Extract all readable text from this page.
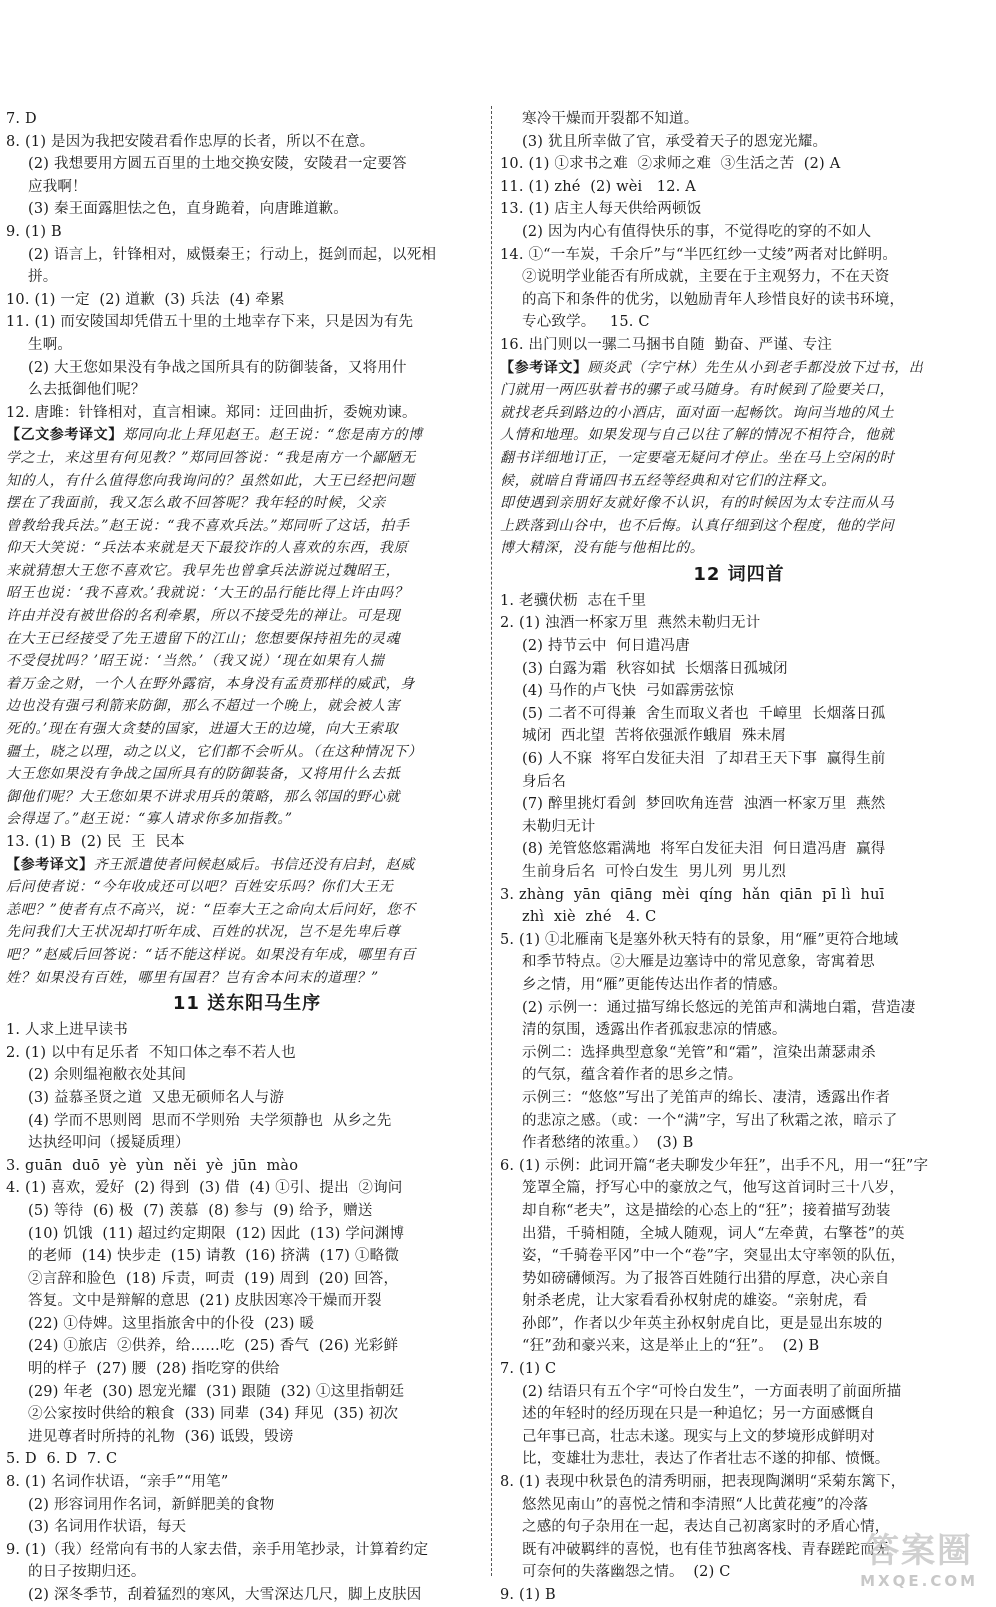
7. D
8. (1) 是因为我把安陵君看作忠厚的长者，所以不在意。
(2) 我想要用方圆五百里的土地交换安陵，安陵君一定要答
应我啊！
(3) 秦王面露胆怯之色，直身跪着，向唐雎道歉。
9. (1) B
(2) 语言上，针锋相对，威慑秦王；行动上，挺剑而起，以死相
拼。
10. (1) 一定  (2) 道歉  (3) 兵法  (4) 牵累
11. (1) 而安陵国却凭借五十里的土地幸存下来，只是因为有先
生啊。
(2) 大王您如果没有争战之国所具有的防御装备，又将用什
么去抵御他们呢？
12. 唐雎：针锋相对，直言相谏。郑同：迂回曲折，委婉劝谏。
【乙文参考译文】郑同向北上拜见赵王。赵王说：“您是南方的博
学之士，来这里有何见教？”郑同回答说：“我是南方一个鄙陋无
知的人，有什么值得您向我询问的？虽然如此，大王已经把问题
摆在了我面前，我又怎么敢不回答呢？我年轻的时候，父亲
曾教给我兵法。”赵王说：“我不喜欢兵法。”郑同听了这话，拍手
仰天大笑说：“兵法本来就是天下最狡诈的人喜欢的东西，我原
来就猜想大王您不喜欢它。我早先也曾拿兵法游说过魏昭王，
昭王也说：‘我不喜欢。’我就说：‘大王的品行能比得上许由吗？
许由并没有被世俗的名利牵累，所以不接受先的禅让。可是现
在大王已经接受了先王遗留下的江山；您想要保持祖先的灵魂
不受侵扰吗？’昭王说：‘当然。’（我又说）‘现在如果有人揣
着万金之财，一个人在野外露宿，本身没有孟贲那样的威武，身
边也没有强弓利箭来防御，那么不超过一个晚上，就会被人害
死的。’现在有强大贪婪的国家，进逼大王的边境，向大王索取
疆土，晓之以理，动之以义，它们都不会听从。（在这种情况下）
大王您如果没有争战之国所具有的防御装备，又将用什么去抵
御他们呢？大王您如果不讲求用兵的策略，那么邻国的野心就
会得逞了。”赵王说：“寡人请求你多加指教。”
13. (1) B  (2) 民  王  民本
【参考译文】齐王派遣使者问候赵威后。书信还没有启封，赵威
后问使者说：“今年收成还可以吧？百姓安乐吗？你们大王无
恙吧？”使者有点不高兴，说：“臣奉大王之命向太后问好，您不
先问我们大王状况却打听年成、百姓的状况，岂不是先卑后尊
吧？”赵威后回答说：“话不能这样说。如果没有年成，哪里有百
姓？如果没有百姓，哪里有国君？岂有舍本问末的道理？”
11 送东阳马生序
1. 人求上进早读书
2. (1) 以中有足乐者  不知口体之奉不若人也
(2) 余则缊袍敝衣处其间
(3) 益慕圣贤之道  又患无硕师名人与游
(4) 学而不思则罔  思而不学则殆  夫学须静也  从乡之先
达执经叩问（援疑质理）
3. guān  duō  yè  yùn  něi  yè  jūn  mào
4. (1) 喜欢，爱好  (2) 得到  (3) 借  (4) ①引、提出  ②询问
(5) 等待  (6) 极  (7) 羡慕  (8) 参与  (9) 给予，赠送
(10) 饥饿  (11) 超过约定期限  (12) 因此  (13) 学问渊博
的老师  (14) 快步走  (15) 请教  (16) 挤满  (17) ①略微
②言辞和脸色  (18) 斥责，呵责  (19) 周到  (20) 回答，
答复。文中是辩解的意思  (21) 皮肤因寒冷干燥而开裂
(22) ①侍婢。这里指旅舍中的仆役  (23) 暖
(24) ①旅店  ②供养，给……吃  (25) 香气  (26) 光彩鲜
明的样子  (27) 腰  (28) 指吃穿的供给
(29) 年老  (30) 恩宠光耀  (31) 跟随  (32) ①这里指朝廷
②公家按时供给的粮食  (33) 同辈  (34) 拜见  (35) 初次
进见尊者时所持的礼物  (36) 诋毁，毁谤
5. D  6. D  7. C
8. (1) 名词作状语，“亲手”“用笔”
(2) 形容词用作名词，新鲜肥美的食物
(3) 名词用作状语，每天
9. (1)（我）经常向有书的人家去借，亲手用笔抄录，计算着约定
的日子按期归还。
(2) 深冬季节，刮着猛烈的寒风，大雪深达几尺，脚上皮肤因
寒冷干燥而开裂都不知道。
(3) 犹且所幸做了官，承受着天子的恩宠光耀。
10. (1) ①求书之难  ②求师之难  ③生活之苦  (2) A
11. (1) zhé  (2) wèi   12. A
13. (1) 店主人每天供给两顿饭
(2) 因为内心有值得快乐的事，不觉得吃的穿的不如人
14. ①“一车炭，千余斤”与“半匹红纱一丈绫”两者对比鲜明。
②说明学业能否有所成就，主要在于主观努力，不在天资
的高下和条件的优劣，以勉励青年人珍惜良好的读书环境，
专心致学。   15. C
16. 出门则以一骡二马捆书自随  勤奋、严谨、专注
【参考译文】顾炎武（字宁林）先生从小到老手都没放下过书，出
门就用一两匹驮着书的骡子或马随身。有时候到了险要关口，
就找老兵到路边的小酒店，面对面一起畅饮。询问当地的风土
人情和地理。如果发现与自己以往了解的情况不相符合，他就
翻书详细地订正，一定要毫无疑问才停止。坐在马上空闲的时
候，就暗自背诵四书五经等经典和对它们的注释文。
即使遇到亲朋好友就好像不认识，有的时候因为太专注而从马
上跌落到山谷中，也不后悔。认真仔细到这个程度，他的学问
博大精深，没有能与他相比的。
12 词四首
1. 老骥伏枥  志在千里
2. (1) 浊酒一杯家万里  燕然未勒归无计
(2) 持节云中  何日遣冯唐
(3) 白露为霜  秋容如拭  长烟落日孤城闭
(4) 马作的卢飞快  弓如霹雳弦惊
(5) 二者不可得兼  舍生而取义者也  千嶂里  长烟落日孤
城闭  西北望  苦将依强派作蛾眉  殊未屑
(6) 人不寐  将军白发征夫泪  了却君王天下事  赢得生前
身后名
(7) 醉里挑灯看剑  梦回吹角连营  浊酒一杯家万里  燕然
未勒归无计
(8) 羌管悠悠霜满地  将军白发征夫泪  何日遣冯唐  赢得
生前身后名  可怜白发生  男儿列  男儿烈
3. zhàng  yān  qiāng  mèi  qíng  hǎn  qiān  pī lì  huī
zhì  xiè  zhé   4. C
5. (1) ①北雁南飞是塞外秋天特有的景象，用“雁”更符合地域
和季节特点。②大雁是边塞诗中的常见意象，寄寓着思
乡之情，用“雁”更能传达出作者的情感。
(2) 示例一：通过描写绵长悠远的羌笛声和满地白霜，营造凄
清的氛围，透露出作者孤寂悲凉的情感。
示例二：选择典型意象“羌管”和“霜”，渲染出萧瑟肃杀
的气氛，蕴含着作者的思乡之情。
示例三：“悠悠”写出了羌笛声的绵长、凄清，透露出作者
的悲凉之感。（或：一个“满”字，写出了秋霜之浓，暗示了
作者愁绪的浓重。）  (3) B
6. (1) 示例：此词开篇“老夫聊发少年狂”，出手不凡，用一“狂”字
笼罩全篇，抒写心中的豪放之气，他写这首词时三十八岁，
却自称“老夫”，这是描绘的心态上的“狂”；接着描写劲装
出猎，千骑相随，全城人随观，词人“左牵黄，右擎苍”的英
姿，“千骑卷平冈”中一个“卷”字，突显出太守率领的队伍，
势如磅礴倾泻。为了报答百姓随行出猎的厚意，决心亲自
射杀老虎，让大家看看孙权射虎的雄姿。“亲射虎，看
孙郎”，作者以少年英主孙权射虎自比，更是显出东坡的
“狂”劲和豪兴来，这是举止上的“狂”。  (2) B
7. (1) C
(2) 结语只有五个字“可怜白发生”，一方面表明了前面所描
述的年轻时的经历现在只是一种追忆；另一方面感慨自
己年事已高，壮志未遂。现实与上文的梦境形成鲜明对
比，变雄壮为悲壮，表达了作者壮志不遂的抑郁、愤慨。
8. (1) 表现中秋景色的清秀明丽，把表现陶渊明“采菊东篱下，
悠然见南山”的喜悦之情和李清照“人比黄花瘦”的冷落
之感的句子杂用在一起，表达自己初离家时的矛盾心情，
既有冲破羁绊的喜悦，也有佳节独离客栈、青春蹉跎而无
可奈何的失落幽怨之情。  (2) C
9. (1) B
答案圈
MXQE.COM
